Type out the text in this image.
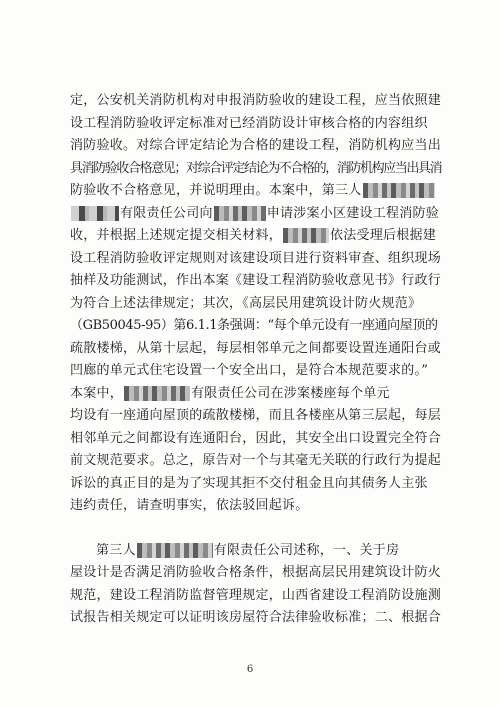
定，公安机关消防机构对申报消防验收的建设工程，应当依照建
设工程消防验收评定标准对已经消防设计审核合格的内容组织
消防验收。对综合评定结论为合格的建设工程，消防机构应当出
具消防验收合格意见；对综合评定结论为不合格的，消防机构应当出具消
防验收不合格意见，并说明理由。本案中，第三人
有限责任公司向	申请涉案小区建设工程消防验
收，并根据上述规定提交相关材料，	依法受理后根据建
设工程消防验收评定规则对该建设项目进行资料审查、组织现场
抽样及功能测试，作出本案《建设工程消防验收意见书》行政行
为符合上述法律规定；其次，《高层民用建筑设计防火规范》
（GB50045-95）第6.1.1条强调：“每个单元设有一座通向屋顶的
疏散楼梯，从第十层起，每层相邻单元之间都要设置连通阳台或
凹廊的单元式住宅设置一个安全出口，是符合本规范要求的。”
本案中，	有限责任公司在涉案楼座每个单元
均设有一座通向屋顶的疏散楼梯，而且各楼座从第三层起，每层
相邻单元之间都设有连通阳台，因此，其安全出口设置完全符合
前文规范要求。总之，原告对一个与其毫无关联的行政行为提起
诉讼的真正目的是为了实现其拒不交付租金且向其债务人主张
违约责任，请查明事实，依法驳回起诉。
第三人	有限责任公司述称，一、关于房
屋设计是否满足消防验收合格条件，根据高层民用建筑设计防火
规范，建设工程消防监督管理规定，山西省建设工程消防设施测
试报告相关规定可以证明该房屋符合法律验收标准；二、根据合
6
